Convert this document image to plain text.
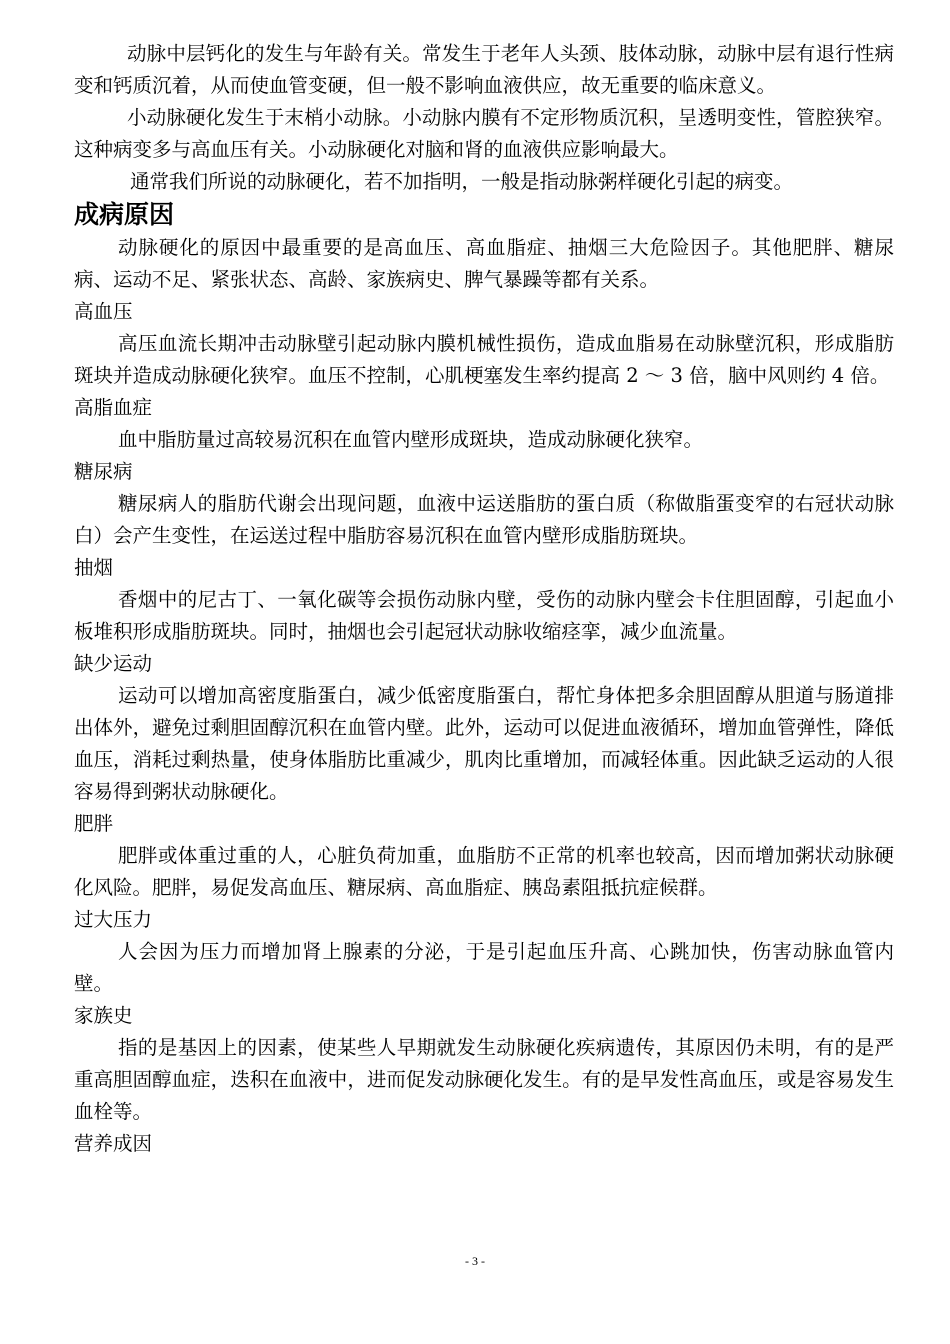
动脉中层钙化的发生与年龄有关。常发生于老年人头颈、肢体动脉，动脉中层有退行性病变和钙质沉着，从而使血管变硬，但一般不影响血液供应，故无重要的临床意义。

小动脉硬化发生于末梢小动脉。小动脉内膜有不定形物质沉积，呈透明变性，管腔狭窄。这种病变多与高血压有关。小动脉硬化对脑和肾的血液供应影响最大。

通常我们所说的动脉硬化，若不加指明，一般是指动脉粥样硬化引起的病变。

成病原因

动脉硬化的原因中最重要的是高血压、高血脂症、抽烟三大危险因子。其他肥胖、糖尿病、运动不足、紧张状态、高龄、家族病史、脾气暴躁等都有关系。

高血压

高压血流长期冲击动脉壁引起动脉内膜机械性损伤，造成血脂易在动脉壁沉积，形成脂肪斑块并造成动脉硬化狭窄。血压不控制，心肌梗塞发生率约提高 2 ～ 3 倍，脑中风则约 4 倍。

高脂血症

血中脂肪量过高较易沉积在血管内壁形成斑块，造成动脉硬化狭窄。

糖尿病

糖尿病人的脂肪代谢会出现问题，血液中运送脂肪的蛋白质（称做脂蛋变窄的右冠状动脉白）会产生变性，在运送过程中脂肪容易沉积在血管内壁形成脂肪斑块。

抽烟

香烟中的尼古丁、一氧化碳等会损伤动脉内壁，受伤的动脉内壁会卡住胆固醇，引起血小板堆积形成脂肪斑块。同时，抽烟也会引起冠状动脉收缩痉挛，减少血流量。

缺少运动

运动可以增加高密度脂蛋白，减少低密度脂蛋白，帮忙身体把多余胆固醇从胆道与肠道排出体外，避免过剩胆固醇沉积在血管内壁。此外，运动可以促进血液循环，增加血管弹性，降低血压，消耗过剩热量，使身体脂肪比重减少，肌肉比重增加，而减轻体重。因此缺乏运动的人很容易得到粥状动脉硬化。

肥胖

肥胖或体重过重的人，心脏负荷加重，血脂肪不正常的机率也较高，因而增加粥状动脉硬化风险。肥胖，易促发高血压、糖尿病、高血脂症、胰岛素阻抵抗症候群。

过大压力

人会因为压力而增加肾上腺素的分泌，于是引起血压升高、心跳加快，伤害动脉血管内壁。

家族史

指的是基因上的因素，使某些人早期就发生动脉硬化疾病遗传，其原因仍未明，有的是严重高胆固醇血症，迭积在血液中，进而促发动脉硬化发生。有的是早发性高血压，或是容易发生血栓等。

营养成因

- 3 -
